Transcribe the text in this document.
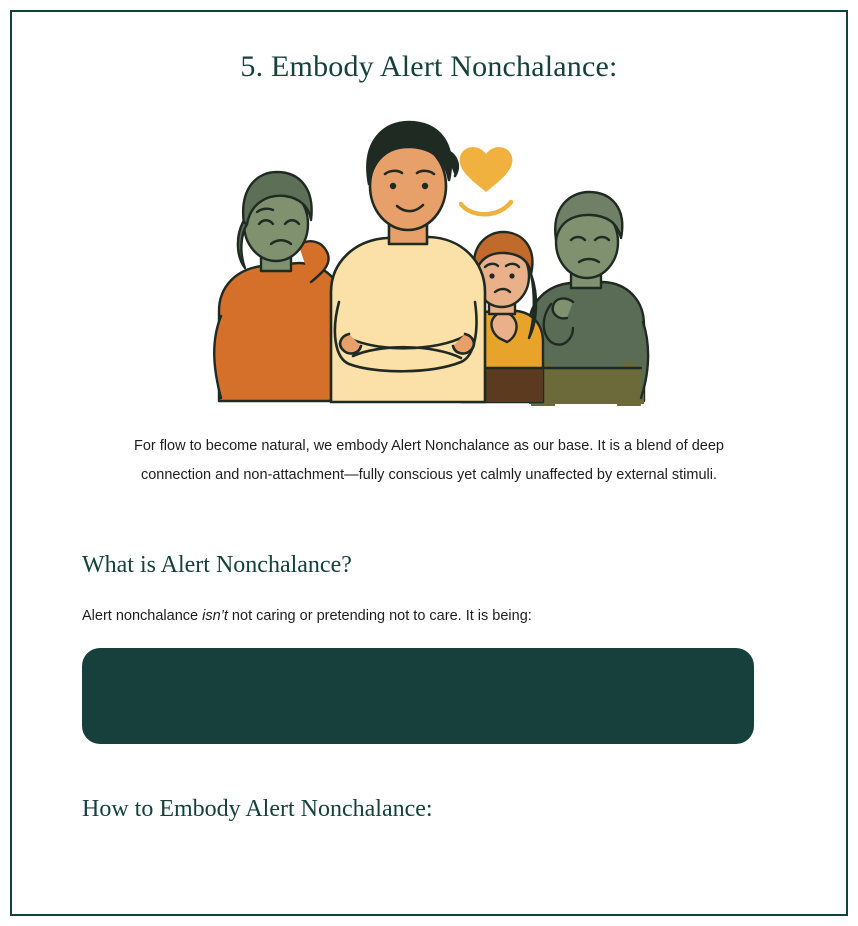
5. Embody Alert Nonchalance:

For flow to become natural, we embody Alert Nonchalance as our base. It is a blend of deep connection and non-attachment—fully conscious yet calmly unaffected by external stimuli.

What is Alert Nonchalance?

Alert nonchalance isn’t not caring or pretending not to care. It is being:

How to Embody Alert Nonchalance:
